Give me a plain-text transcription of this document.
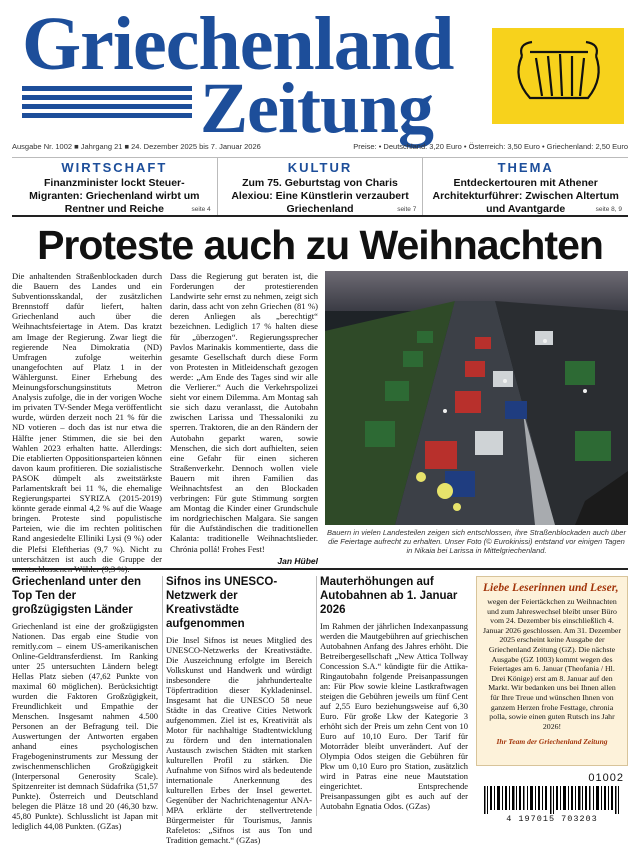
Griechenland
Zeitung
Ausgabe Nr. 1002 ■ Jahrgang 21 ■ 24. Dezember 2025 bis 7. Januar 2026	Preise: • Deutschland: 3,20 Euro • Österreich: 3,50 Euro • Griechenland: 2,50 Euro
WIRTSCHAFT
Finanzminister lockt Steuer-Migranten: Griechenland wirbt um Rentner und Reiche	seite 4
KULTUR
Zum 75. Geburtstag von Charis Alexiou: Eine Künstlerin verzaubert Griechenland	seite 7
THEMA
Entdeckertouren mit Athener Architekturführer: Zwischen Altertum und Avantgarde	seite 8, 9
Proteste auch zu Weihnachten

Die anhaltenden Straßenblockaden durch die Bauern des Landes und ein Subventionsskandal, der zusätzlichen Brennstoff dafür liefert, halten Griechenland auch über die Weihnachtsfeiertage in Atem. Das kratzt am Image der Regierung. Zwar liegt die regierende Nea Dimokratia (ND) Umfragen zufolge weiterhin unangefochten auf Platz 1 in der Wählergunst. Einer Erhebung des Meinungsforschungsinstituts Metron Analysis zufolge, die in der vorigen Woche im privaten TV-Sender Mega veröffentlicht wurde, würden derzeit noch 21 % für die ND votieren – doch das ist nur etwa die Hälfte jener Stimmen, die sie bei den Wahlen 2023 erhalten hatte. Allerdings: Die etablierten Oppositionsparteien können davon kaum profitieren. Die sozialistische PASOK dümpelt als zweitstärkste Parlamentskraft bei 11 %, die ehemalige Regierungspartei SYRIZA (2015-2019) könnte gerade einmal 4,2 % auf die Waage bringen. Proteste sind populistische Parteien, wie die im rechten politischen Rand angesiedelte Elliniki Lysi (9 %) oder die Plefsi Eleftherias (9,7 %). Nicht zu unterschätzen ist auch die Gruppe der

Dass die Regierung gut beraten ist, die Forderungen der protestierenden Landwirte sehr ernst zu nehmen, zeigt sich darin, dass acht von zehn Griechen (81 %) deren Anliegen als „berechtigt“ bezeichnen. Lediglich 17 % halten diese für „überzogen“. Regierungssprecher Pavlos Marinakis kommentierte, dass die gesamte Gesellschaft durch diese Form von Protesten in Mitleidenschaft gezogen werde: „Am Ende des Tages sind wir alle die Verlierer.“ Auch die Verkehrspolizei sieht vor einem Dilemma. Am Montag sah sie sich dazu veranlasst, die Autobahn zwischen Larissa und Thessaloniki zu sperren. Traktoren, die an den Rändern der Autobahn geparkt waren, sowie Menschen, die sich dort aufhielten, seien eine Gefahr für einen sicheren Straßenverkehr. Dennoch wollen viele Bauern mit ihren Familien das Weihnachtsfest an den Blockaden verbringen: Für gute Stimmung sorgten am Montag die Kinder einer Grundschule im nordgriechischen Malgara. Sie sangen für die Aufständischen die traditionellen Kalanta: traditionelle Weihnachtslieder. Chrónia pollá! Frohes Fest!

Jan Hübel
Bauern in vielen Landesteilen zeigen sich entschlossen, ihre Straßenblockaden auch über die Feiertage aufrecht zu erhalten. Unser Foto (© Eurokinissi) entstand vor einigen Tagen in Nikaia bei Larissa in Mittelgriechenland.
Griechenland unter den Top Ten der großzügigsten Länder
Griechenland ist eine der großzügigsten Nationen. Das ergab eine Studie von remitly.com – einem US-amerikanischen Online-Geldtransferdienst. Im Ranking unter 25 untersuchten Ländern belegt Hellas Platz sieben (47,62 Punkte von maximal 60 möglichen). Berücksichtigt wurden die Faktoren Großzügigkeit, Freundlichkeit und Empathie der Menschen. Insgesamt nahmen 4.500 Personen an der Befragung teil. Die Auswertungen der Antworten ergaben anhand eines psychologischen Fragebogeninstruments zur Messung der zwischenmenschlichen Großzügigkeit (Interpersonal Generosity Scale). Spitzenreiter ist demnach Südafrika (51,57 Punkte). Österreich und Deutschland belegen die Plätze 18 und 20 (46,30 bzw. 45,80 Punkte). Schlusslicht ist Japan mit lediglich 44,08 Punkten. (GZas)
Sifnos ins UNESCO-Netzwerk der Kreativstädte aufgenommen
Die Insel Sifnos ist neues Mitglied des UNESCO-Netzwerks der Kreativstädte. Die Auszeichnung erfolgte im Bereich Volkskunst und Handwerk und würdigt insbesondere die jahrhundertealte Töpfertradition dieser Kykladeninsel. Insgesamt hat die UNESCO 58 neue Städte in das Creative Cities Network aufgenommen. Ziel ist es, Kreativität als Motor für nachhaltige Stadtentwicklung zu fördern und den internationalen Austausch zwischen Städten mit starken kulturellen Profil zu stärken. Die Aufnahme von Sifnos wird als bedeutende internationale Anerkennung des kulturellen Erbes der Insel gewertet. Gegenüber der Nachrichtenagentur ANA-MPA erklärte der stellvertretende Bürgermeister für Tourismus, Jannis Rafeletos: „Sifnos ist aus Ton und Tradition gemacht.“ (GZas)
Mauterhöhungen auf Autobahnen ab 1. Januar 2026
Im Rahmen der jährlichen Indexanpassung werden die Mautgebühren auf griechischen Autobahnen Anfang des Jahres erhöht. Die Betreibergesellschaft „New Attica Tollway Concession S.A.“ kündigte für die Attika-Ringautobahn folgende Preisanpassungen an: Für Pkw sowie kleine Lastkraftwagen steigen die Gebühren jeweils um fünf Cent auf 2,55 Euro beziehungsweise auf 6,30 Euro. Für große Lkw der Kategorie 3 erhöht sich der Preis um zehn Cent von 10 Euro auf 10,10 Euro. Der Tarif für Motorräder bleibt unverändert. Auf der Olympia Odos steigen die Gebühren für Pkw um 0,10 Euro pro Station, zusätzlich wird in Patras eine neue Mautstation eingerichtet. Entsprechende Preisanpassungen gibt es auch auf der Autobahn Egnatia Odos. (GZas)
Liebe Leserinnen und Leser,
wegen der Feiertäckchen zu Weihnachten und zum Jahreswechsel bleibt unser Büro vom 24. Dezember bis einschließlich 4. Januar 2026 geschlossen. Am 31. Dezember 2025 erscheint keine Ausgabe der Griechenland Zeitung (GZ). Die nächste Ausgabe (GZ 1003) kommt wegen des Feiertages am 6. Januar (Theofania / Hl. Drei Könige) erst am 8. Januar auf den Markt. Wir bedanken uns bei Ihnen allen für Ihre Treue und wünschen Ihnen von ganzem Herzen frohe Festtage, chronia polla, sowie einen guten Rutsch ins Jahr 2026!
Ihr Team der Griechenland Zeitung
01002
4 197015 703203
